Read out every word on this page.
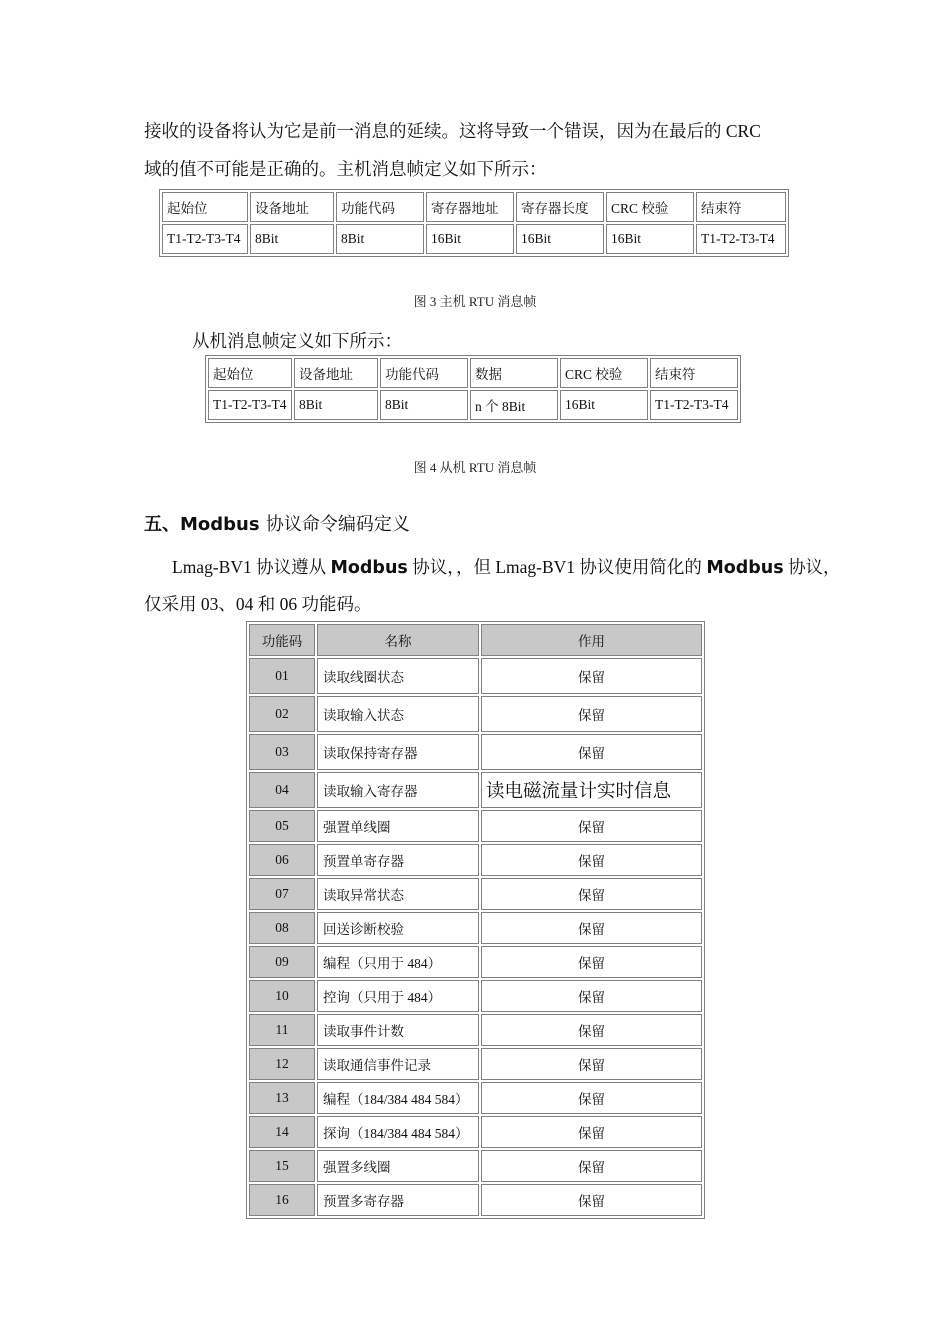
接收的设备将认为它是前一消息的延续。这将导致一个错误，因为在最后的 CRC
域的值不可能是正确的。主机消息帧定义如下所示：
起始位	设备地址	功能代码	寄存器地址	寄存器长度	CRC 校验	结束符
T1-T2-T3-T4	8Bit	8Bit	16Bit	16Bit	16Bit	T1-T2-T3-T4
图 3 主机 RTU 消息帧
从机消息帧定义如下所示：
起始位	设备地址	功能代码	数据	CRC 校验	结束符
T1-T2-T3-T4	8Bit	8Bit	n 个 8Bit	16Bit	T1-T2-T3-T4
图 4 从机 RTU 消息帧
五、Modbus 协议命令编码定义
Lmag-BV1 协议遵从 Modbus 协议，，但 Lmag-BV1 协议使用简化的 Modbus 协议，
仅采用 03、04 和 06 功能码。
功能码	名称	作用
01	读取线圈状态	保留
02	读取输入状态	保留
03	读取保持寄存器	保留
04	读取输入寄存器	读电磁流量计实时信息
05	强置单线圈	保留
06	预置单寄存器	保留
07	读取异常状态	保留
08	回送诊断校验	保留
09	编程（只用于 484）	保留
10	控询（只用于 484）	保留
11	读取事件计数	保留
12	读取通信事件记录	保留
13	编程（184/384 484 584）	保留
14	探询（184/384 484 584）	保留
15	强置多线圈	保留
16	预置多寄存器	保留
